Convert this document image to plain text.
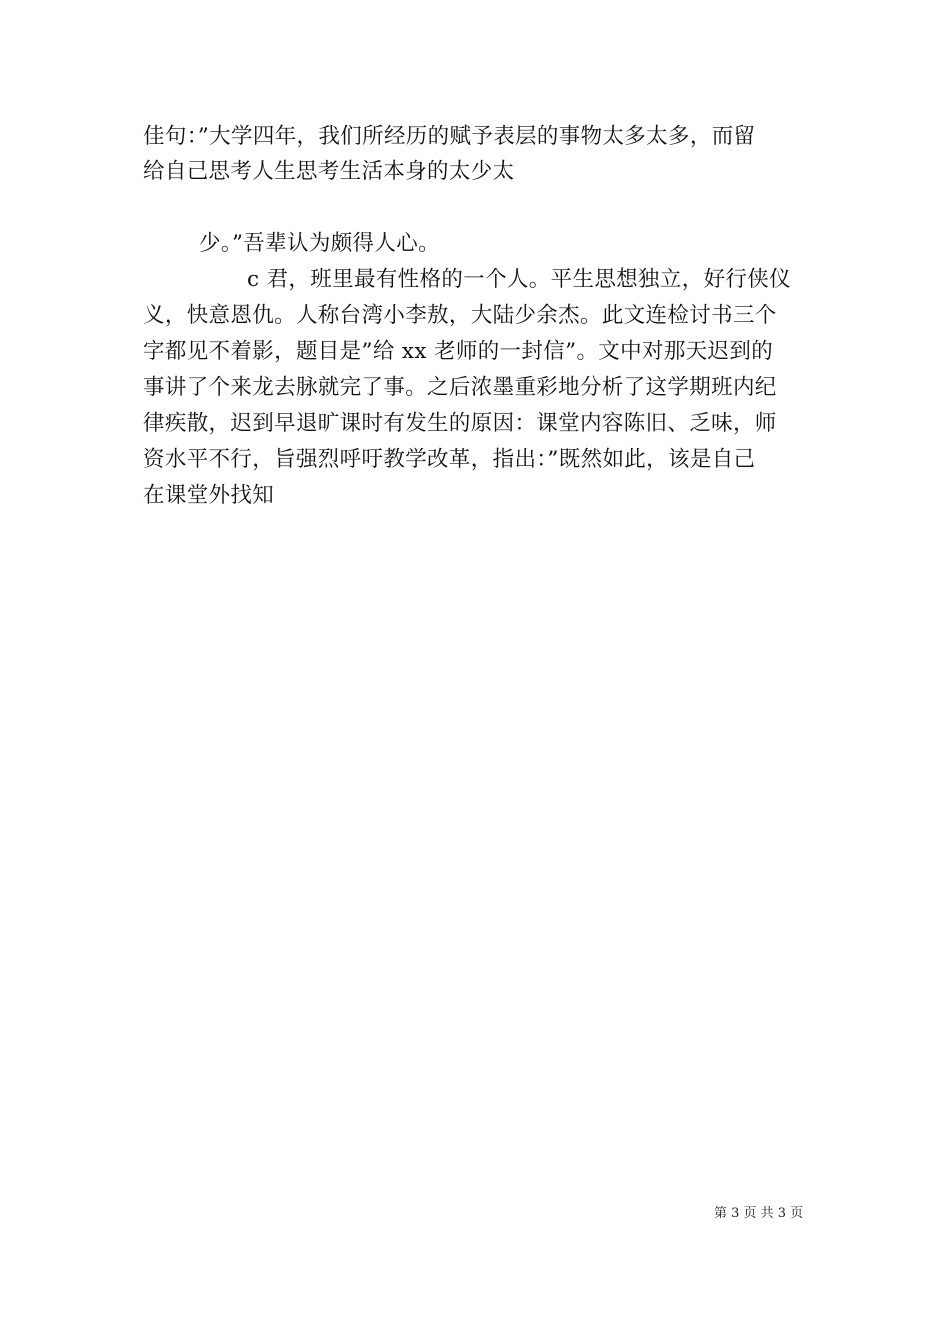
佳句：”大学四年，我们所经历的赋予表层的事物太多太多，而留
给自己思考人生思考生活本身的太少太
少。”吾辈认为颇得人心。
c 君，班里最有性格的一个人。平生思想独立，好行侠仪
义，快意恩仇。人称台湾小李敖，大陆少余杰。此文连检讨书三个
字都见不着影，题目是”给 xx 老师的一封信”。文中对那天迟到的
事讲了个来龙去脉就完了事。之后浓墨重彩地分析了这学期班内纪
律疾散，迟到早退旷课时有发生的原因：课堂内容陈旧、乏味，师
资水平不行，旨强烈呼吁教学改革，指出：”既然如此，该是自己
在课堂外找知
第 3 页 共 3 页
